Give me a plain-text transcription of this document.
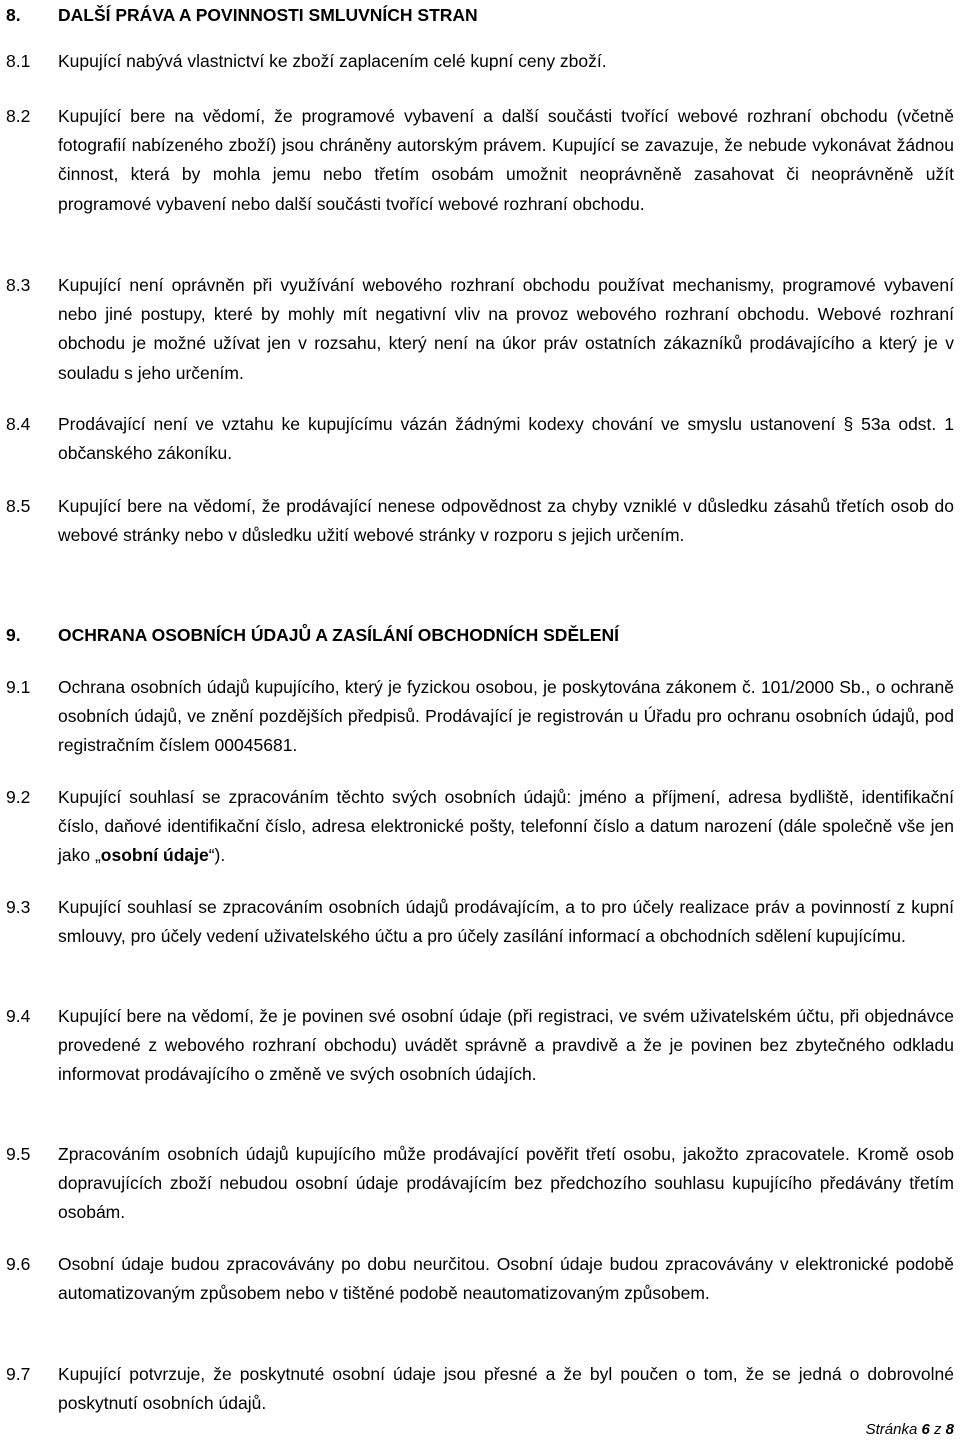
8. DALŠÍ PRÁVA A POVINNOSTI SMLUVNÍCH STRAN
8.1 Kupující nabývá vlastnictví ke zboží zaplacením celé kupní ceny zboží.
8.2 Kupující bere na vědomí, že programové vybavení a další součásti tvořící webové rozhraní obchodu (včetně fotografií nabízeného zboží) jsou chráněny autorským právem. Kupující se zavazuje, že nebude vykonávat žádnou činnost, která by mohla jemu nebo třetím osobám umožnit neoprávněně zasahovat či neoprávněně užít programové vybavení nebo další součásti tvořící webové rozhraní obchodu.
8.3 Kupující není oprávněn při využívání webového rozhraní obchodu používat mechanismy, programové vybavení nebo jiné postupy, které by mohly mít negativní vliv na provoz webového rozhraní obchodu. Webové rozhraní obchodu je možné užívat jen v rozsahu, který není na úkor práv ostatních zákazníků prodávajícího a který je v souladu s jeho určením.
8.4 Prodávající není ve vztahu ke kupujícímu vázán žádnými kodexy chování ve smyslu ustanovení § 53a odst. 1 občanského zákoníku.
8.5 Kupující bere na vědomí, že prodávající nenese odpovědnost za chyby vzniklé v důsledku zásahů třetích osob do webové stránky nebo v důsledku užití webové stránky v rozporu s jejich určením.
9. OCHRANA OSOBNÍCH ÚDAJŮ A ZASÍLÁNÍ OBCHODNÍCH SDĚLENÍ
9.1 Ochrana osobních údajů kupujícího, který je fyzickou osobou, je poskytována zákonem č. 101/2000 Sb., o ochraně osobních údajů, ve znění pozdějších předpisů. Prodávající je registrován u Úřadu pro ochranu osobních údajů, pod registračním číslem 00045681.
9.2 Kupující souhlasí se zpracováním těchto svých osobních údajů: jméno a příjmení, adresa bydliště, identifikační číslo, daňové identifikační číslo, adresa elektronické pošty, telefonní číslo a datum narození (dále společně vše jen jako „osobní údaje“).
9.3 Kupující souhlasí se zpracováním osobních údajů prodávajícím, a to pro účely realizace práv a povinností z kupní smlouvy, pro účely vedení uživatelského účtu a pro účely zasílání informací a obchodních sdělení kupujícímu.
9.4 Kupující bere na vědomí, že je povinen své osobní údaje (při registraci, ve svém uživatelském účtu, při objednávce provedené z webového rozhraní obchodu) uvádět správně a pravdivě a že je povinen bez zbytečného odkladu informovat prodávajícího o změně ve svých osobních údajích.
9.5 Zpracováním osobních údajů kupujícího může prodávající pověřit třetí osobu, jakožto zpracovatele. Kromě osob dopravujících zboží nebudou osobní údaje prodávajícím bez předchozího souhlasu kupujícího předávány třetím osobám.
9.6 Osobní údaje budou zpracovávány po dobu neurčitou. Osobní údaje budou zpracovávány v elektronické podobě automatizovaným způsobem nebo v tištěné podobě neautomatizovaným způsobem.
9.7 Kupující potvrzuje, že poskytnuté osobní údaje jsou přesné a že byl poučen o tom, že se jedná o dobrovolné poskytnutí osobních údajů.
Stránka 6 z 8
